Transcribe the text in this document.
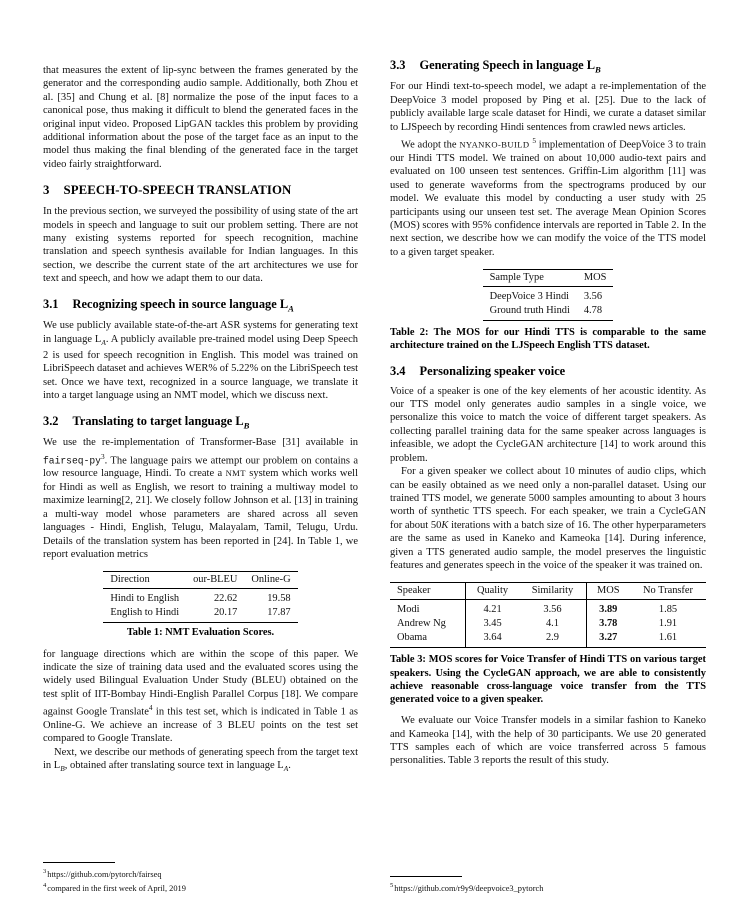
that measures the extent of lip-sync between the frames generated by the generator and the corresponding audio sample. Additionally, both Zhou et al. [35] and Chung et al. [8] normalize the pose of the input faces to a canonical pose, thus making it difficult to blend the generated faces in the original input video. Proposed LipGAN tackles this problem by providing additional information about the pose of the target face as an input to the model thus making the final blending of the generated face in the target video fairly straightforward.

3 SPEECH-TO-SPEECH TRANSLATION

In the previous section, we surveyed the possibility of using state of the art models in speech and language to suit our problem setting. There are not many existing systems reported for speech recognition, machine translation and speech synthesis available for Indian languages. In this section, we describe the current state of the art architectures we use for text and speech, and how we adapt them to our data.

3.1 Recognizing speech in source language $L_A$

We use publicly available state-of-the-art ASR systems for generating text in language $L_A$. A publicly available pre-trained model using Deep Speech 2 is used for speech recognition in English. This model was trained on LibriSpeech dataset and achieves WER% of 5.22% on the LibriSpeech test set. Once we have text, recognized in a source language, we translate it into a target language using an NMT model, which we discuss next.

3.2 Translating to target language $L_B$

We use the re-implementation of Transformer-Base [31] available in fairseq-$py^3$. The language pairs we attempt our problem on contains a low resource language, Hindi. To create a NMT system which works well for Hindi as well as English, we resort to training a multiway model to maximize learning[2, 21]. We closely follow Johnson et al. [13] in training a multi-way model whose parameters are shared across all seven languages - Hindi, English, Telugu, Malayalam, Tamil, Telugu, Urdu. Details of the translation system has been reported in [24]. In Table 1, we report evaluation metrics

Direction	our-BLEU	Online-G
Hindi to English	22.62	19.58
English to Hindi	20.17	17.87
Table 1: NMT Evaluation Scores.

for language directions which are within the scope of this paper. We indicate the size of training data used and the evaluated scores using the widely used Bilingual Evaluation Under Study (BLEU) obtained on the test split of IIT-Bombay Hindi-English Parallel Corpus [18]. We compare against Google Translate$^4$ in this test set, which is indicated in Table 1 as Online-G. We achieve an increase of 3 BLEU points on the test set compared to Google Translate.

Next, we describe our methods of generating speech from the target text in $L_B$, obtained after translating source text in language $L_A$.

$^3$https://github.com/pytorch/fairseq
$^4$compared in the first week of April, 2019
3.3 Generating Speech in language $L_B$

For our Hindi text-to-speech model, we adapt a re-implementation of the DeepVoice 3 model proposed by Ping et al. [25]. Due to the lack of publicly available large scale dataset for Hindi, we curate a dataset similar to LJSpeech by recording Hindi sentences from crawled news articles.

We adopt the NYANKO-BUILD $^5$ implementation of DeepVoice 3 to train our Hindi TTS model. We trained on about 10,000 audio-text pairs and evaluated on 100 unseen test sentences. Griffin-Lim algorithm [11] was used to generate waveforms from the spectrograms produced by our model. We evaluate this model by conducting a user study with 25 participants using our unseen test set. The average Mean Opinion Scores (MOS) scores with 95% confidence intervals are reported in Table 2. In the next section, we describe how we can modify the voice of the TTS model to a given target speaker.

Sample Type	MOS
DeepVoice 3 Hindi	3.56
Ground truth Hindi	4.78
Table 2: The MOS for our Hindi TTS is comparable to the same architecture trained on the LJSpeech English TTS dataset.
3.4 Personalizing speaker voice

Voice of a speaker is one of the key elements of her acoustic identity. As our TTS model only generates audio samples in a single voice, we personalize this voice to match the voice of different target speakers. As collecting parallel training data for the same speaker across languages is infeasible, we adopt the CycleGAN architecture [14] to work around this problem.

For a given speaker we collect about 10 minutes of audio clips, which can be easily obtained as we need only a non-parallel dataset. Using our trained TTS model, we generate 5000 samples amounting to about 3 hours worth of synthetic TTS speech. For each speaker, we train a CycleGAN for about 50K iterations with a batch size of 16. The other hyperparameters are the same as used in Kaneko and Kameoka [14]. During inference, given a TTS generated audio sample, the model preserves the linguistic features and generates speech in the voice of the speaker it was trained on.

Speaker	Quality	Similarity	MOS	No Transfer
Modi	4.21	3.56	3.89	1.85
Andrew Ng	3.45	4.1	3.78	1.91
Obama	3.64	2.9	3.27	1.61
Table 3: MOS scores for Voice Transfer of Hindi TTS on various target speakers. Using the CycleGAN approach, we are able to consistently achieve reasonable cross-language voice transfer from the TTS generated voice to a given speaker.

We evaluate our Voice Transfer models in a similar fashion to Kaneko and Kameoka [14], with the help of 30 participants. We use 20 generated TTS samples each of which are voice transferred across 5 famous personalities. Table 3 reports the result of this study.

$^5$https://github.com/r9y9/deepvoice3_pytorch
